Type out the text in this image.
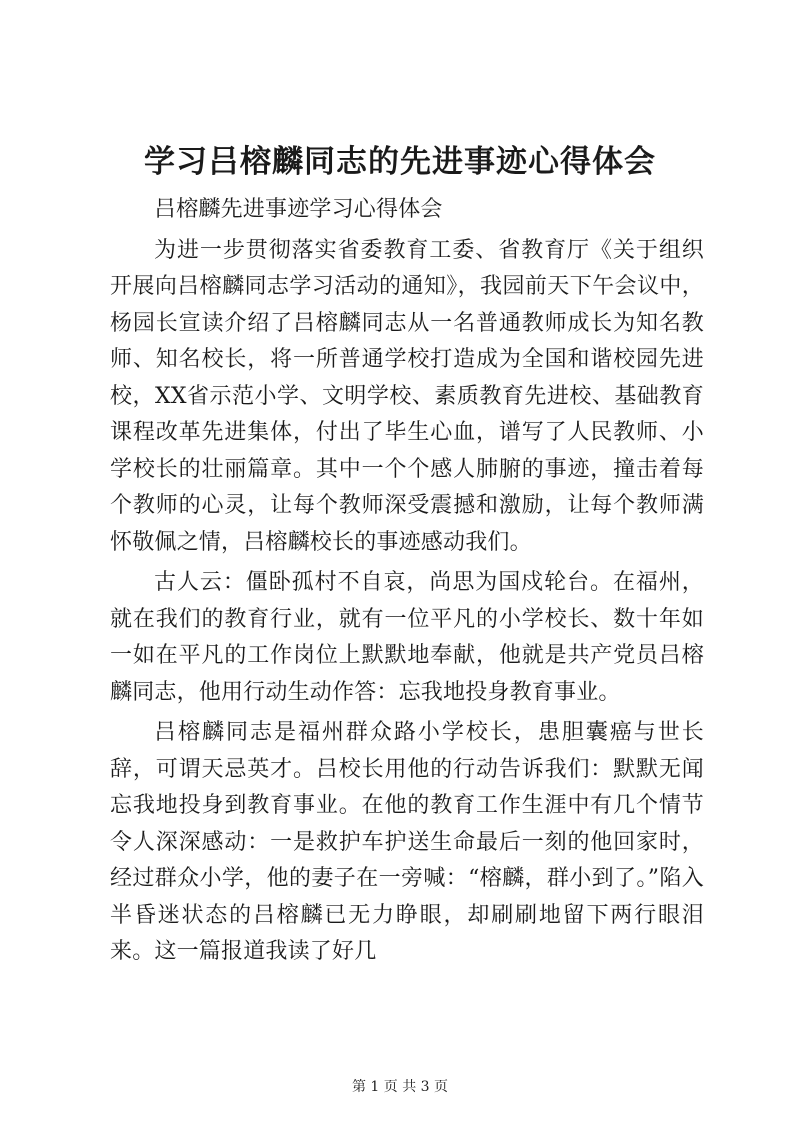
学习吕榕麟同志的先进事迹心得体会

吕榕麟先进事迹学习心得体会

为进一步贯彻落实省委教育工委、省教育厅《关于组织开展向吕榕麟同志学习活动的通知》，我园前天下午会议中，杨园长宣读介绍了吕榕麟同志从一名普通教师成长为知名教师、知名校长，将一所普通学校打造成为全国和谐校园先进校，XX省示范小学、文明学校、素质教育先进校、基础教育课程改革先进集体，付出了毕生心血，谱写了人民教师、小学校长的壮丽篇章。其中一个个感人肺腑的事迹，撞击着每个教师的心灵，让每个教师深受震撼和激励，让每个教师满怀敬佩之情，吕榕麟校长的事迹感动我们。

古人云：僵卧孤村不自哀，尚思为国戍轮台。在福州，就在我们的教育行业，就有一位平凡的小学校长、数十年如一如在平凡的工作岗位上默默地奉献，他就是共产党员吕榕麟同志，他用行动生动作答：忘我地投身教育事业。

吕榕麟同志是福州群众路小学校长，患胆囊癌与世长辞，可谓天忌英才。吕校长用他的行动告诉我们：默默无闻忘我地投身到教育事业。在他的教育工作生涯中有几个情节令人深深感动：一是救护车护送生命最后一刻的他回家时，经过群众小学，他的妻子在一旁喊：“榕麟，群小到了。”陷入半昏迷状态的吕榕麟已无力睁眼，却刷刷地留下两行眼泪来。这一篇报道我读了好几

第 1 页 共 3 页
